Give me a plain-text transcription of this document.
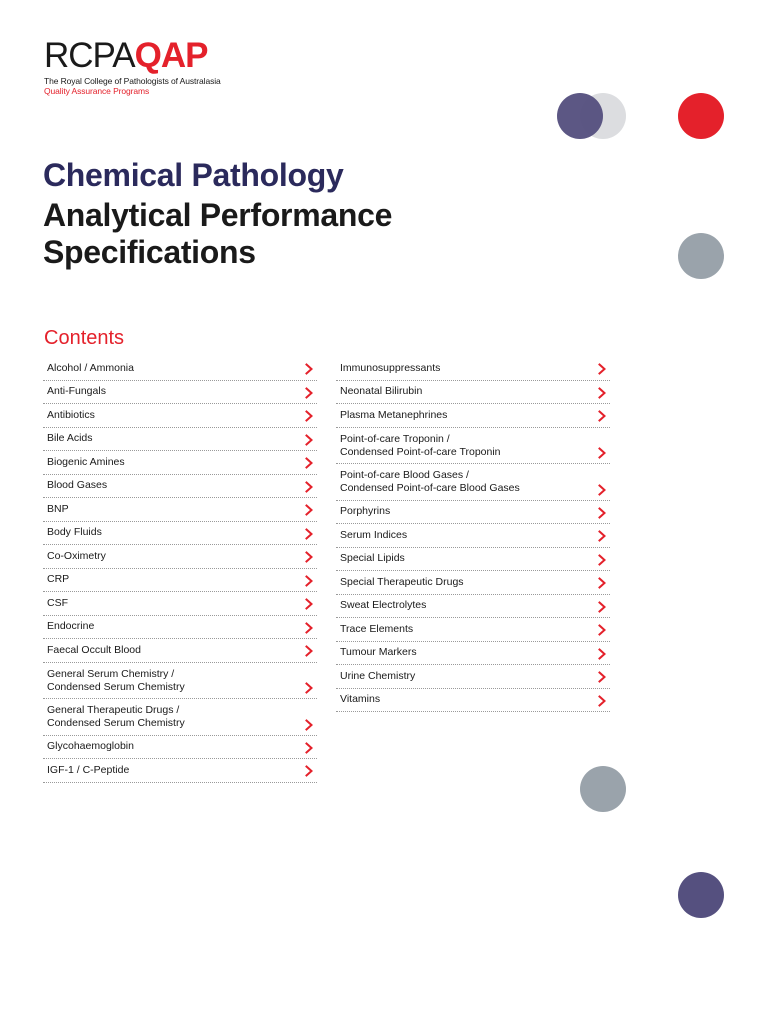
RCPAQAP
The Royal College of Pathologists of Australasia
Quality Assurance Programs
Chemical Pathology
Analytical Performance
Specifications
Contents
Alcohol / Ammonia
Anti-Fungals
Antibiotics
Bile Acids
Biogenic Amines
Blood Gases
BNP
Body Fluids
Co-Oximetry
CRP
CSF
Endocrine
Faecal Occult Blood
General Serum Chemistry /
Condensed Serum Chemistry
General Therapeutic Drugs /
Condensed Serum Chemistry
Glycohaemoglobin
IGF-1 / C-Peptide
Immunosuppressants
Neonatal Bilirubin
Plasma Metanephrines
Point-of-care Troponin /
Condensed Point-of-care Troponin
Point-of-care Blood Gases /
Condensed Point-of-care Blood Gases
Porphyrins
Serum Indices
Special Lipids
Special Therapeutic Drugs
Sweat Electrolytes
Trace Elements
Tumour Markers
Urine Chemistry
Vitamins
